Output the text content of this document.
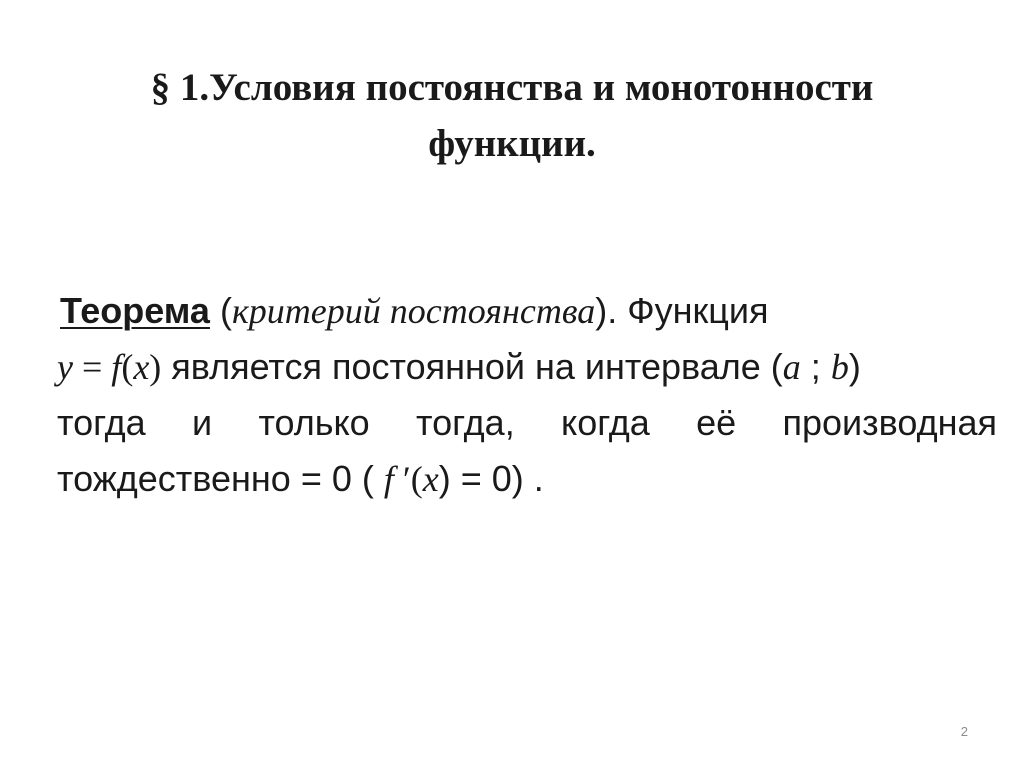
§ 1.Условия постоянства и монотонности
функции.
Теорема (критерий постоянства). Функция
y = f(x) является постоянной на интервале (a ; b)
тогда и только тогда, когда её производная
тождественно = 0 ( f ′(x) = 0) .
2
